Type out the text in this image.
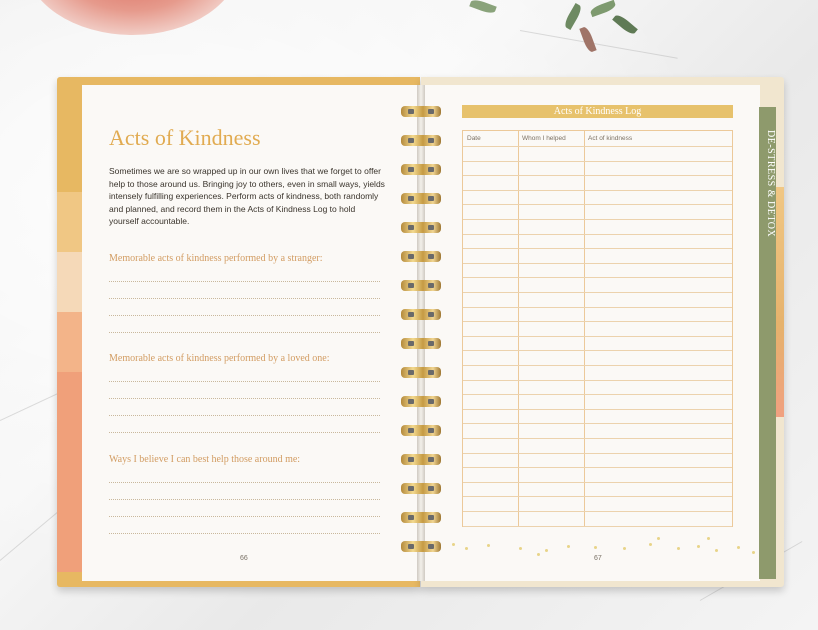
DE-STRESS & DETOX
Acts of Kindness
Sometimes we are so wrapped up in our own lives that we forget to offer help to those around us. Bringing joy to others, even in small ways, yields intensely fulfilling experiences. Perform acts of kindness, both randomly and planned, and record them in the Acts of Kindness Log to hold yourself accountable.
Memorable acts of kindness performed by a stranger:
Memorable acts of kindness performed by a loved one:
Ways I believe I can best help those around me:
66
Acts of Kindness Log
Date	Whom I helped	Act of kindness
67
